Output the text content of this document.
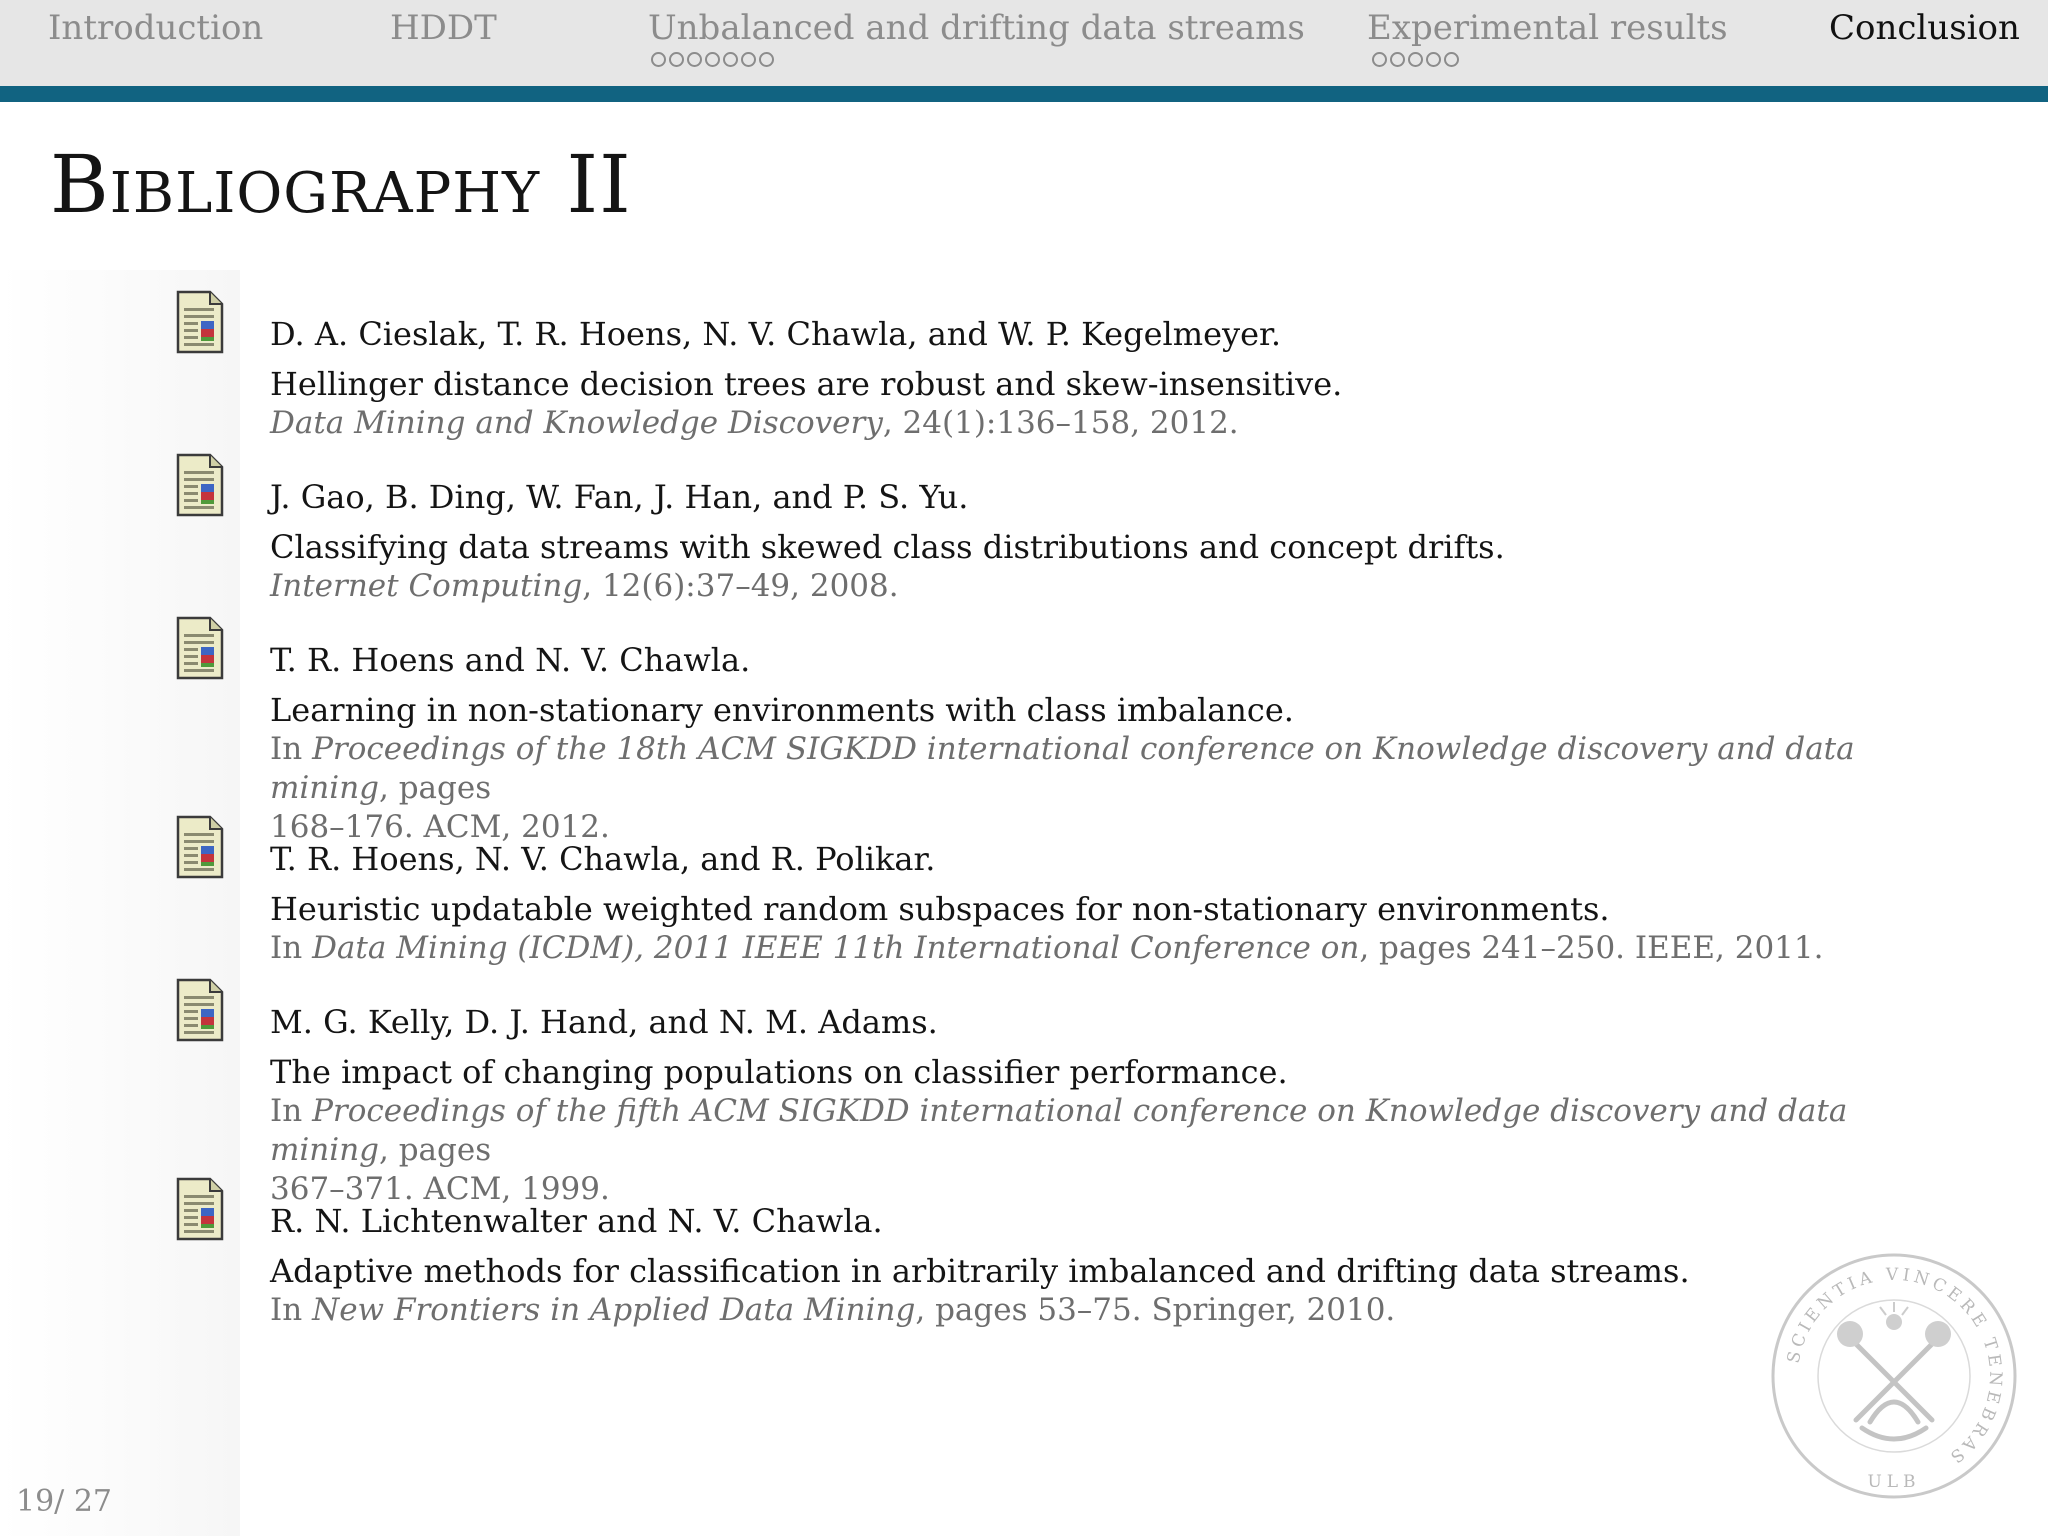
Introduction	HDDT	Unbalanced and drifting data streams Experimental results	Conclusion
Bibliography II
D. A. Cieslak, T. R. Hoens, N. V. Chawla, and W. P. Kegelmeyer.
Hellinger distance decision trees are robust and skew-insensitive.
Data Mining and Knowledge Discovery, 24(1):136–158, 2012.
J. Gao, B. Ding, W. Fan, J. Han, and P. S. Yu.
Classifying data streams with skewed class distributions and concept drifts.
Internet Computing, 12(6):37–49, 2008.
T. R. Hoens and N. V. Chawla.
Learning in non-stationary environments with class imbalance.
In Proceedings of the 18th ACM SIGKDD international conference on Knowledge discovery and data mining, pages
168–176. ACM, 2012.
T. R. Hoens, N. V. Chawla, and R. Polikar.
Heuristic updatable weighted random subspaces for non-stationary environments.
In Data Mining (ICDM), 2011 IEEE 11th International Conference on, pages 241–250. IEEE, 2011.
M. G. Kelly, D. J. Hand, and N. M. Adams.
The impact of changing populations on classifier performance.
In Proceedings of the fifth ACM SIGKDD international conference on Knowledge discovery and data mining, pages
367–371. ACM, 1999.
R. N. Lichtenwalter and N. V. Chawla.
Adaptive methods for classification in arbitrarily imbalanced and drifting data streams.
In New Frontiers in Applied Data Mining, pages 53–75. Springer, 2010.
19/ 27
SCIENTIA VINCERE TENEBRAS
ULB
